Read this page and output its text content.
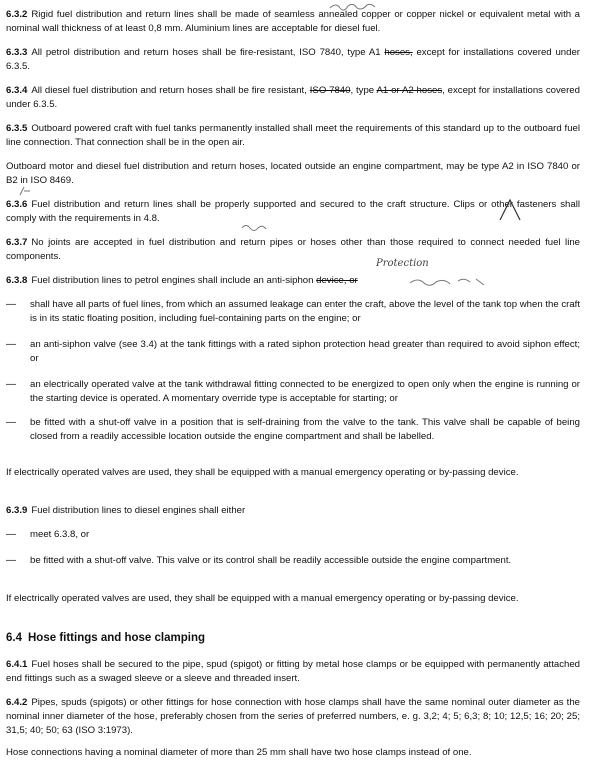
6.3.2 Rigid fuel distribution and return lines shall be made of seamless annealed copper or copper nickel or equivalent metal with a nominal wall thickness of at least 0,8 mm. Aluminium lines are acceptable for diesel fuel.
6.3.3 All petrol distribution and return hoses shall be fire-resistant, ISO 7840, type A1 hoses, except for installations covered under 6.3.5.
6.3.4 All diesel fuel distribution and return hoses shall be fire resistant, ISO 7840, type A1 or A2 hoses, except for installations covered under 6.3.5.
6.3.5 Outboard powered craft with fuel tanks permanently installed shall meet the requirements of this standard up to the outboard fuel line connection. That connection shall be in the open air.
Outboard motor and diesel fuel distribution and return hoses, located outside an engine compartment, may be type A2 in ISO 7840 or B2 in ISO 8469.
6.3.6 Fuel distribution and return lines shall be properly supported and secured to the craft structure. Clips or other fasteners shall comply with the requirements in 4.8.
6.3.7 No joints are accepted in fuel distribution and return pipes or hoses other than those required to connect needed fuel line components.
Protection
6.3.8 Fuel distribution lines to petrol engines shall include an anti-siphon device, or
—	shall have all parts of fuel lines, from which an assumed leakage can enter the craft, above the level of the tank top when the craft is in its static floating position, including fuel-containing parts on the engine; or
—	an anti-siphon valve (see 3.4) at the tank fittings with a rated siphon protection head greater than required to avoid siphon effect; or
—	an electrically operated valve at the tank withdrawal fitting connected to be energized to open only when the engine is running or the starting device is operated. A momentary override type is acceptable for starting; or
—	be fitted with a shut-off valve in a position that is self-draining from the valve to the tank. This valve shall be capable of being closed from a readily accessible location outside the engine compartment and shall be labelled.
If electrically operated valves are used, they shall be equipped with a manual emergency operating or by-passing device.
6.3.9 Fuel distribution lines to diesel engines shall either
—	meet 6.3.8, or
—	be fitted with a shut-off valve. This valve or its control shall be readily accessible outside the engine compartment.
If electrically operated valves are used, they shall be equipped with a manual emergency operating or by-passing device.
6.4 Hose fittings and hose clamping
6.4.1 Fuel hoses shall be secured to the pipe, spud (spigot) or fitting by metal hose clamps or be equipped with permanently attached end fittings such as a swaged sleeve or a sleeve and threaded insert.
6.4.2 Pipes, spuds (spigots) or other fittings for hose connection with hose clamps shall have the same nominal outer diameter as the nominal inner diameter of the hose, preferably chosen from the series of preferred numbers, e. g. 3,2; 4; 5; 6,3; 8; 10; 12,5; 16; 20; 25; 31,5; 40; 50; 63 (ISO 3:1973).
Hose connections having a nominal diameter of more than 25 mm shall have two hose clamps instead of one.
